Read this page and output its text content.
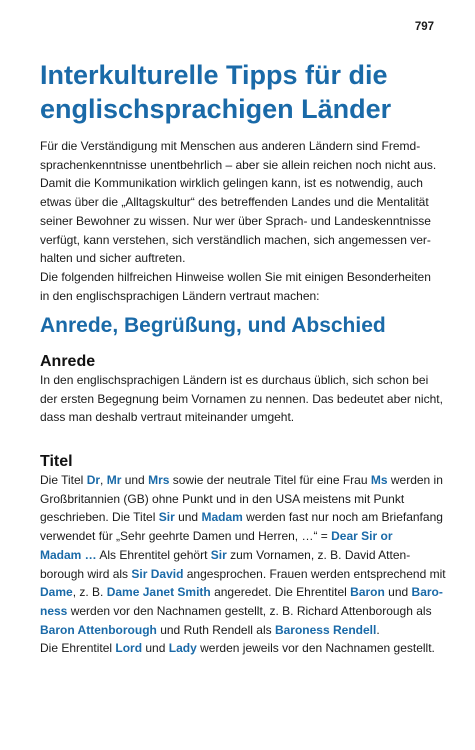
797
Interkulturelle Tipps für die
englischsprachigen Länder

Für die Verständigung mit Menschen aus anderen Ländern sind Fremd-

sprachenkenntnisse unentbehrlich – aber sie allein reichen noch nicht aus.

Damit die Kommunikation wirklich gelingen kann, ist es notwendig, auch

etwas über die „Alltagskultur“ des betreffenden Landes und die Mentalität

seiner Bewohner zu wissen. Nur wer über Sprach- und Landeskenntnisse

verfügt, kann verstehen, sich verständlich machen, sich angemessen ver-

halten und sicher auftreten.

Die folgenden hilfreichen Hinweise wollen Sie mit einigen Besonderheiten

in den englischsprachigen Ländern vertraut machen:

Anrede, Begrüßung, und Abschied
Anrede

In den englischsprachigen Ländern ist es durchaus üblich, sich schon bei

der ersten Begegnung beim Vornamen zu nennen. Das bedeutet aber nicht,

dass man deshalb vertraut miteinander umgeht.

Titel

Die Titel Dr, Mr und Mrs sowie der neutrale Titel für eine Frau Ms werden in

Großbritannien (GB) ohne Punkt und in den USA meistens mit Punkt

geschrieben. Die Titel Sir und Madam werden fast nur noch am Briefanfang

verwendet für „Sehr geehrte Damen und Herren, …“ = Dear Sir or

Madam … Als Ehrentitel gehört Sir zum Vornamen, z. B. David Atten-

borough wird als Sir David angesprochen. Frauen werden entsprechend mit

Dame, z. B. Dame Janet Smith angeredet. Die Ehrentitel Baron und Baro-

ness werden vor den Nachnamen gestellt, z. B. Richard Attenborough als

Baron Attenborough und Ruth Rendell als Baroness Rendell.

Die Ehrentitel Lord und Lady werden jeweils vor den Nachnamen gestellt.
